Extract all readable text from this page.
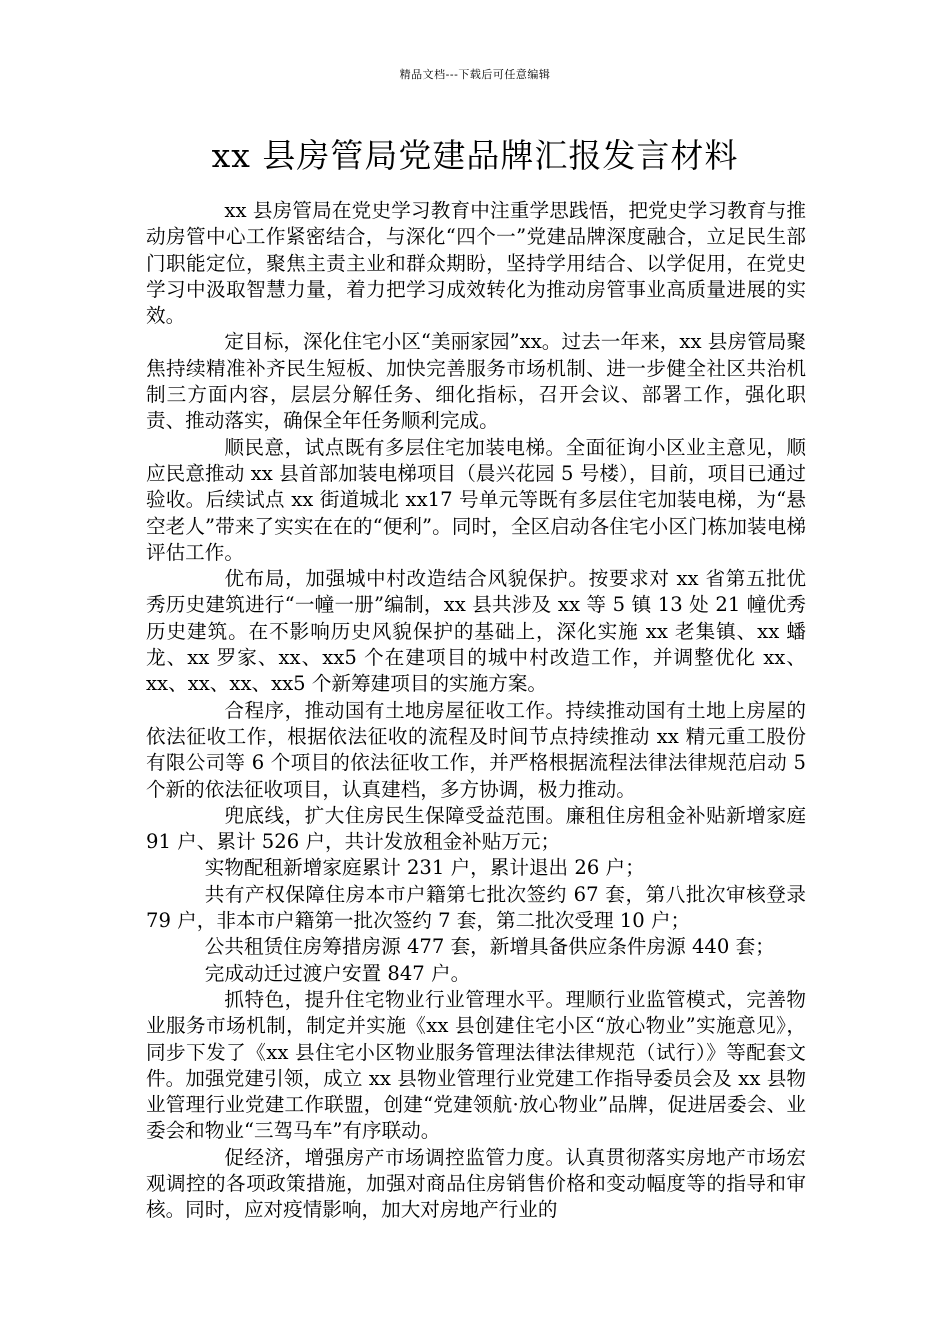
精品文档---下载后可任意编辑
xx 县房管局党建品牌汇报发言材料

xx 县房管局在党史学习教育中注重学思践悟，把党史学习教育与推动房管中心工作紧密结合，与深化“四个一”党建品牌深度融合，立足民生部门职能定位，聚焦主责主业和群众期盼，坚持学用结合、以学促用，在党史学习中汲取智慧力量，着力把学习成效转化为推动房管事业高质量进展的实效。

定目标，深化住宅小区“美丽家园”xx。过去一年来，xx 县房管局聚焦持续精准补齐民生短板、加快完善服务市场机制、进一步健全社区共治机制三方面内容，层层分解任务、细化指标，召开会议、部署工作，强化职责、推动落实，确保全年任务顺利完成。

顺民意，试点既有多层住宅加装电梯。全面征询小区业主意见，顺应民意推动 xx 县首部加装电梯项目（晨兴花园 5 号楼），目前，项目已通过验收。后续试点 xx 街道城北 xx17 号单元等既有多层住宅加装电梯，为“悬空老人”带来了实实在在的“便利”。同时，全区启动各住宅小区门栋加装电梯评估工作。

优布局，加强城中村改造结合风貌保护。按要求对 xx 省第五批优秀历史建筑进行“一幢一册”编制，xx 县共涉及 xx 等 5 镇 13 处 21 幢优秀历史建筑。在不影响历史风貌保护的基础上，深化实施 xx 老集镇、xx 蟠龙、xx 罗家、xx、xx5 个在建项目的城中村改造工作，并调整优化 xx、xx、xx、xx、xx5 个新筹建项目的实施方案。

合程序，推动国有土地房屋征收工作。持续推动国有土地上房屋的依法征收工作，根据依法征收的流程及时间节点持续推动 xx 精元重工股份有限公司等 6 个项目的依法征收工作，并严格根据流程法律法律规范启动 5 个新的依法征收项目，认真建档，多方协调，极力推动。

兜底线，扩大住房民生保障受益范围。廉租住房租金补贴新增家庭 91 户、累计 526 户，共计发放租金补贴万元；

实物配租新增家庭累计 231 户，累计退出 26 户；

共有产权保障住房本市户籍第七批次签约 67 套，第八批次审核登录 79 户，非本市户籍第一批次签约 7 套，第二批次受理 10 户；

公共租赁住房筹措房源 477 套，新增具备供应条件房源 440 套；

完成动迁过渡户安置 847 户。

抓特色，提升住宅物业行业管理水平。理顺行业监管模式，完善物业服务市场机制，制定并实施《xx 县创建住宅小区“放心物业”实施意见》，同步下发了《xx 县住宅小区物业服务管理法律法律规范（试行）》等配套文件。加强党建引领，成立 xx 县物业管理行业党建工作指导委员会及 xx 县物业管理行业党建工作联盟，创建“党建领航·放心物业”品牌，促进居委会、业委会和物业“三驾马车”有序联动。

促经济，增强房产市场调控监管力度。认真贯彻落实房地产市场宏观调控的各项政策措施，加强对商品住房销售价格和变动幅度等的指导和审核。同时，应对疫情影响，加大对房地产行业的
